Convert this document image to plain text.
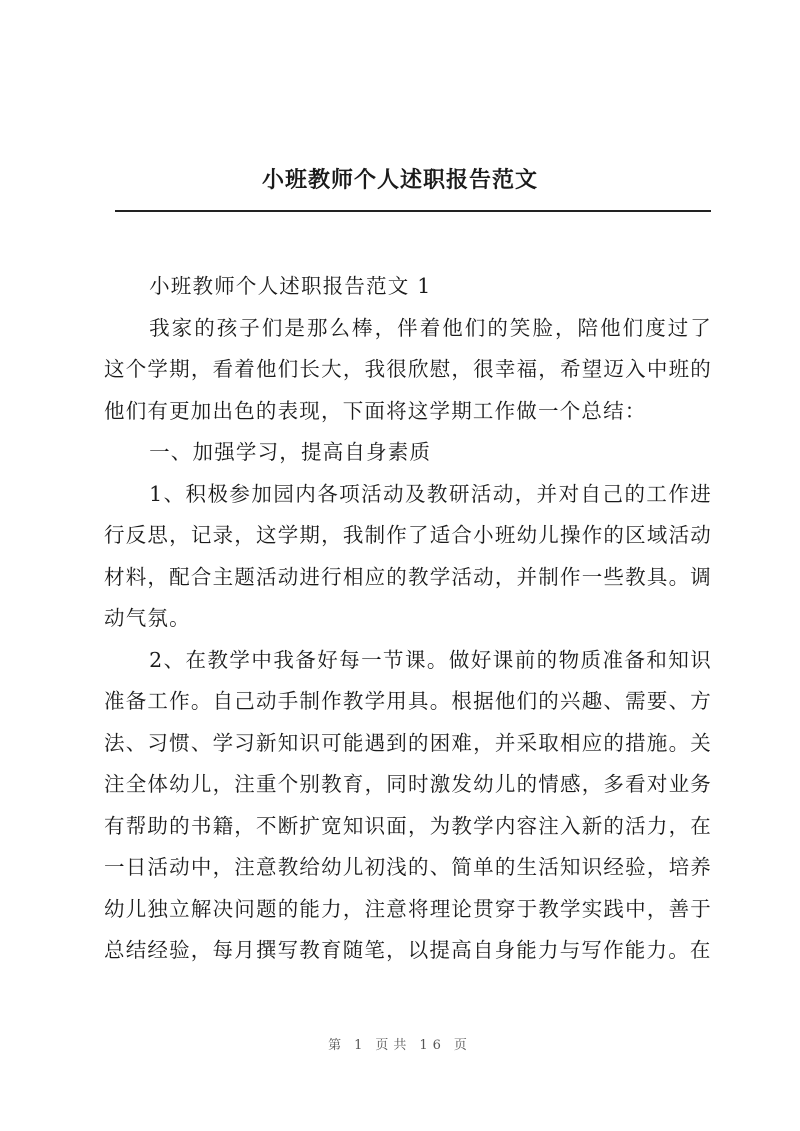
小班教师个人述职报告范文

小班教师个人述职报告范文 1

我家的孩子们是那么棒，伴着他们的笑脸，陪他们度过了这个学期，看着他们长大，我很欣慰，很幸福，希望迈入中班的他们有更加出色的表现，下面将这学期工作做一个总结：

一、加强学习，提高自身素质

1、积极参加园内各项活动及教研活动，并对自己的工作进行反思，记录，这学期，我制作了适合小班幼儿操作的区域活动材料，配合主题活动进行相应的教学活动，并制作一些教具。调动气氛。

2、在教学中我备好每一节课。做好课前的物质准备和知识准备工作。自己动手制作教学用具。根据他们的兴趣、需要、方法、习惯、学习新知识可能遇到的困难，并采取相应的措施。关注全体幼儿，注重个别教育，同时激发幼儿的情感，多看对业务有帮助的书籍，不断扩宽知识面，为教学内容注入新的活力，在一日活动中，注意教给幼儿初浅的、简单的生活知识经验，培养幼儿独立解决问题的能力，注意将理论贯穿于教学实践中，善于总结经验，每月撰写教育随笔，以提高自身能力与写作能力。在

第 1 页共 16 页
